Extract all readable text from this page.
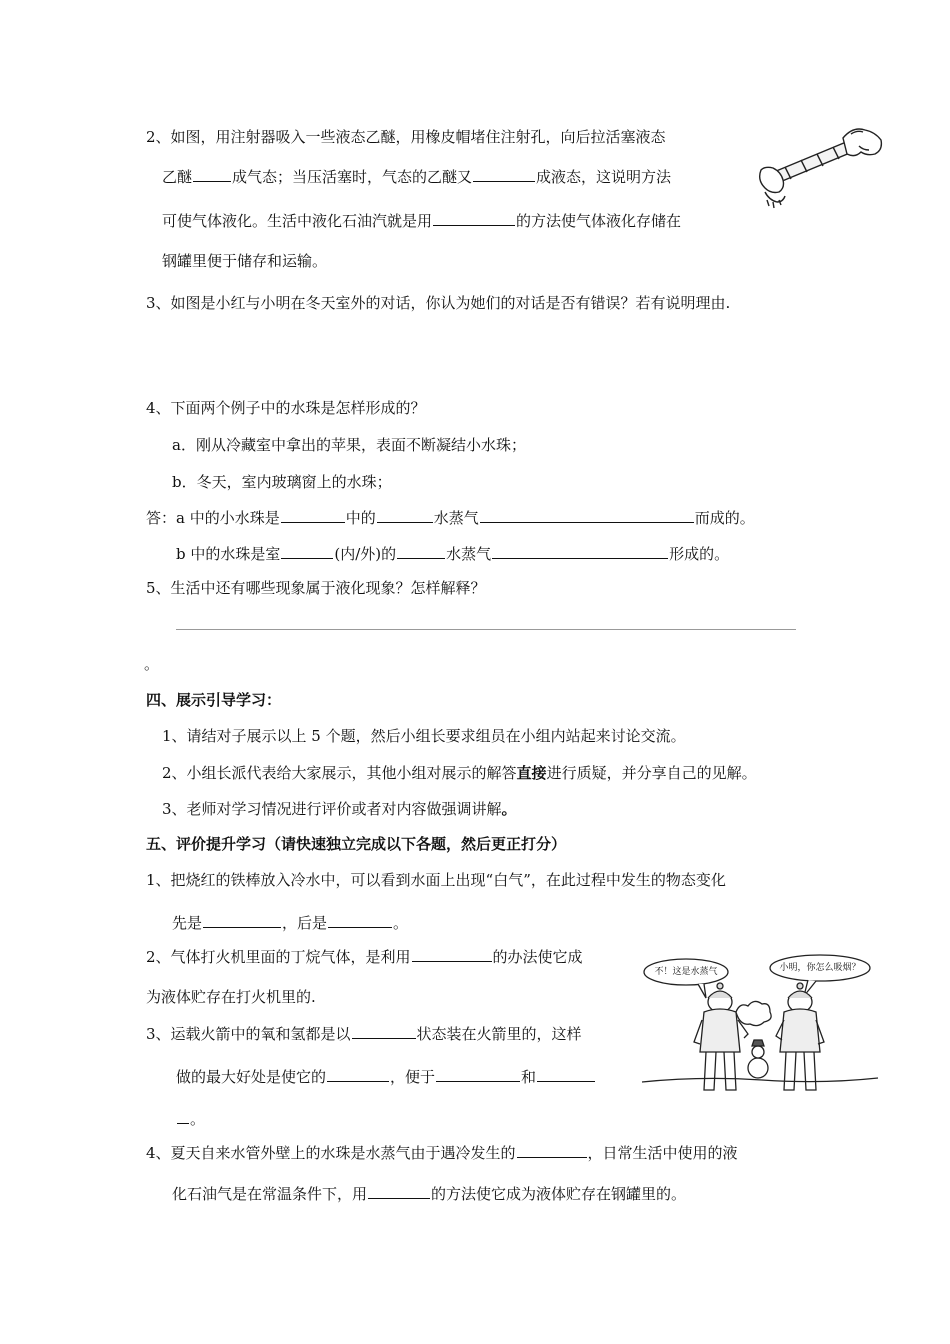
2、如图，用注射器吸入一些液态乙醚，用橡皮帽堵住注射孔，向后拉活塞液态
乙醚	成气态；当压活塞时，气态的乙醚又	成液态，这说明方法
可使气体液化。生活中液化石油汽就是用	的方法使气体液化存储在
钢罐里便于储存和运输。
3、如图是小红与小明在冬天室外的对话，你认为她们的对话是否有错误？若有说明理由.
4、下面两个例子中的水珠是怎样形成的？
a．刚从冷藏室中拿出的苹果，表面不断凝结小水珠；
b．冬天，室内玻璃窗上的水珠；
答：a 中的小水珠是	中的	水蒸气	而成的。
b 中的水珠是室	(内/外)的	水蒸气	形成的。
5、生活中还有哪些现象属于液化现象？怎样解释？
。
四、展示引导学习：
1、请结对子展示以上 5 个题，然后小组长要求组员在小组内站起来讨论交流。
2、小组长派代表给大家展示，其他小组对展示的解答直接进行质疑，并分享自己的见解。
3、老师对学习情况进行评价或者对内容做强调讲解。
五、评价提升学习（请快速独立完成以下各题，然后更正打分）
1、把烧红的铁棒放入冷水中，可以看到水面上出现“白气”，在此过程中发生的物态变化
先是	，后是	。
2、气体打火机里面的丁烷气体，是利用	的办法使它成
为液体贮存在打火机里的.
3、运载火箭中的氧和氢都是以	状态装在火箭里的，这样
做的最大好处是使它的	，便于	和
。
4、夏天自来水管外壁上的水珠是水蒸气由于遇冷发生的	，日常生活中使用的液
化石油气是在常温条件下，用	的方法使它成为液体贮存在钢罐里的。
不！这是水蒸气	小明，你怎么吸烟？
